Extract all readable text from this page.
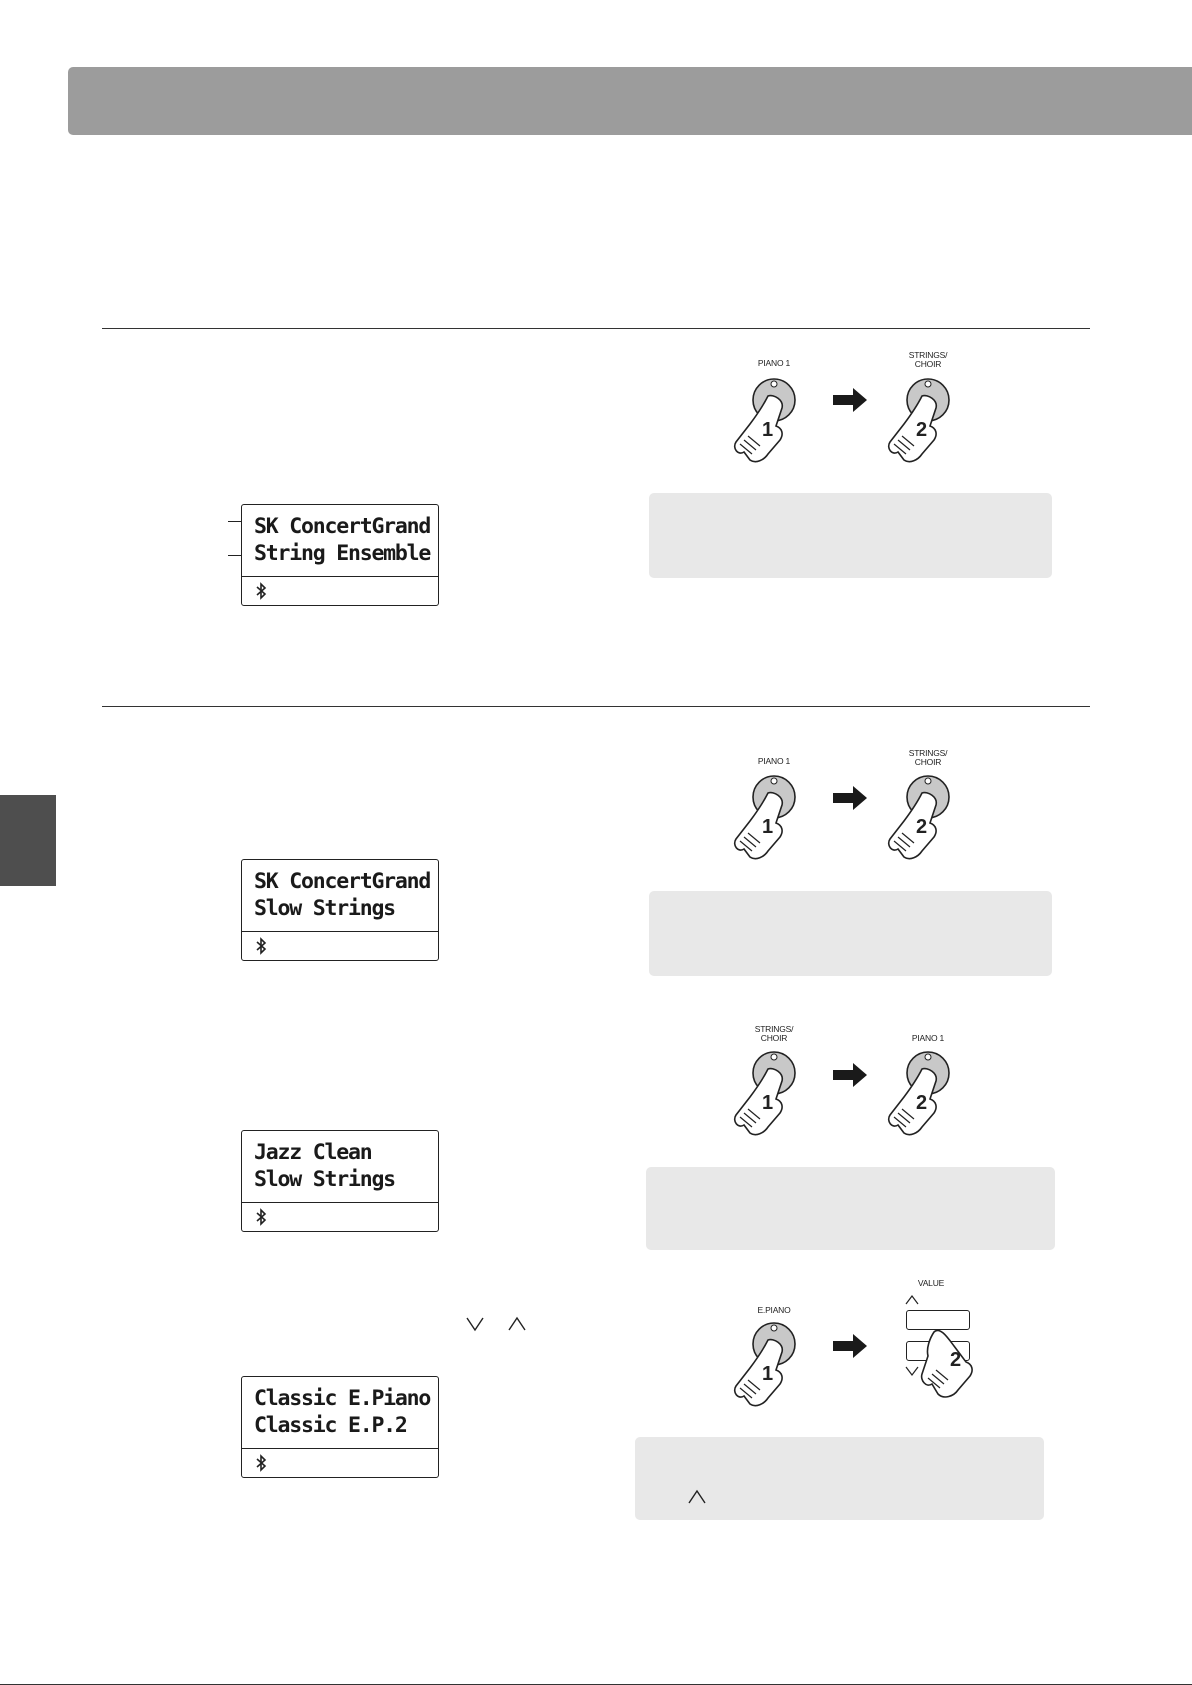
SK ConcertGrand
String Ensemble
SK ConcertGrand
Slow Strings
Jazz Clean
Slow Strings
Classic E.Piano
Classic E.P.2
PIANO 1
STRINGS/
CHOIR
1	2
PIANO 1
STRINGS/
CHOIR
1	2
STRINGS/
CHOIR	PIANO 1
1	2
E.PIANO
VALUE
1
2
